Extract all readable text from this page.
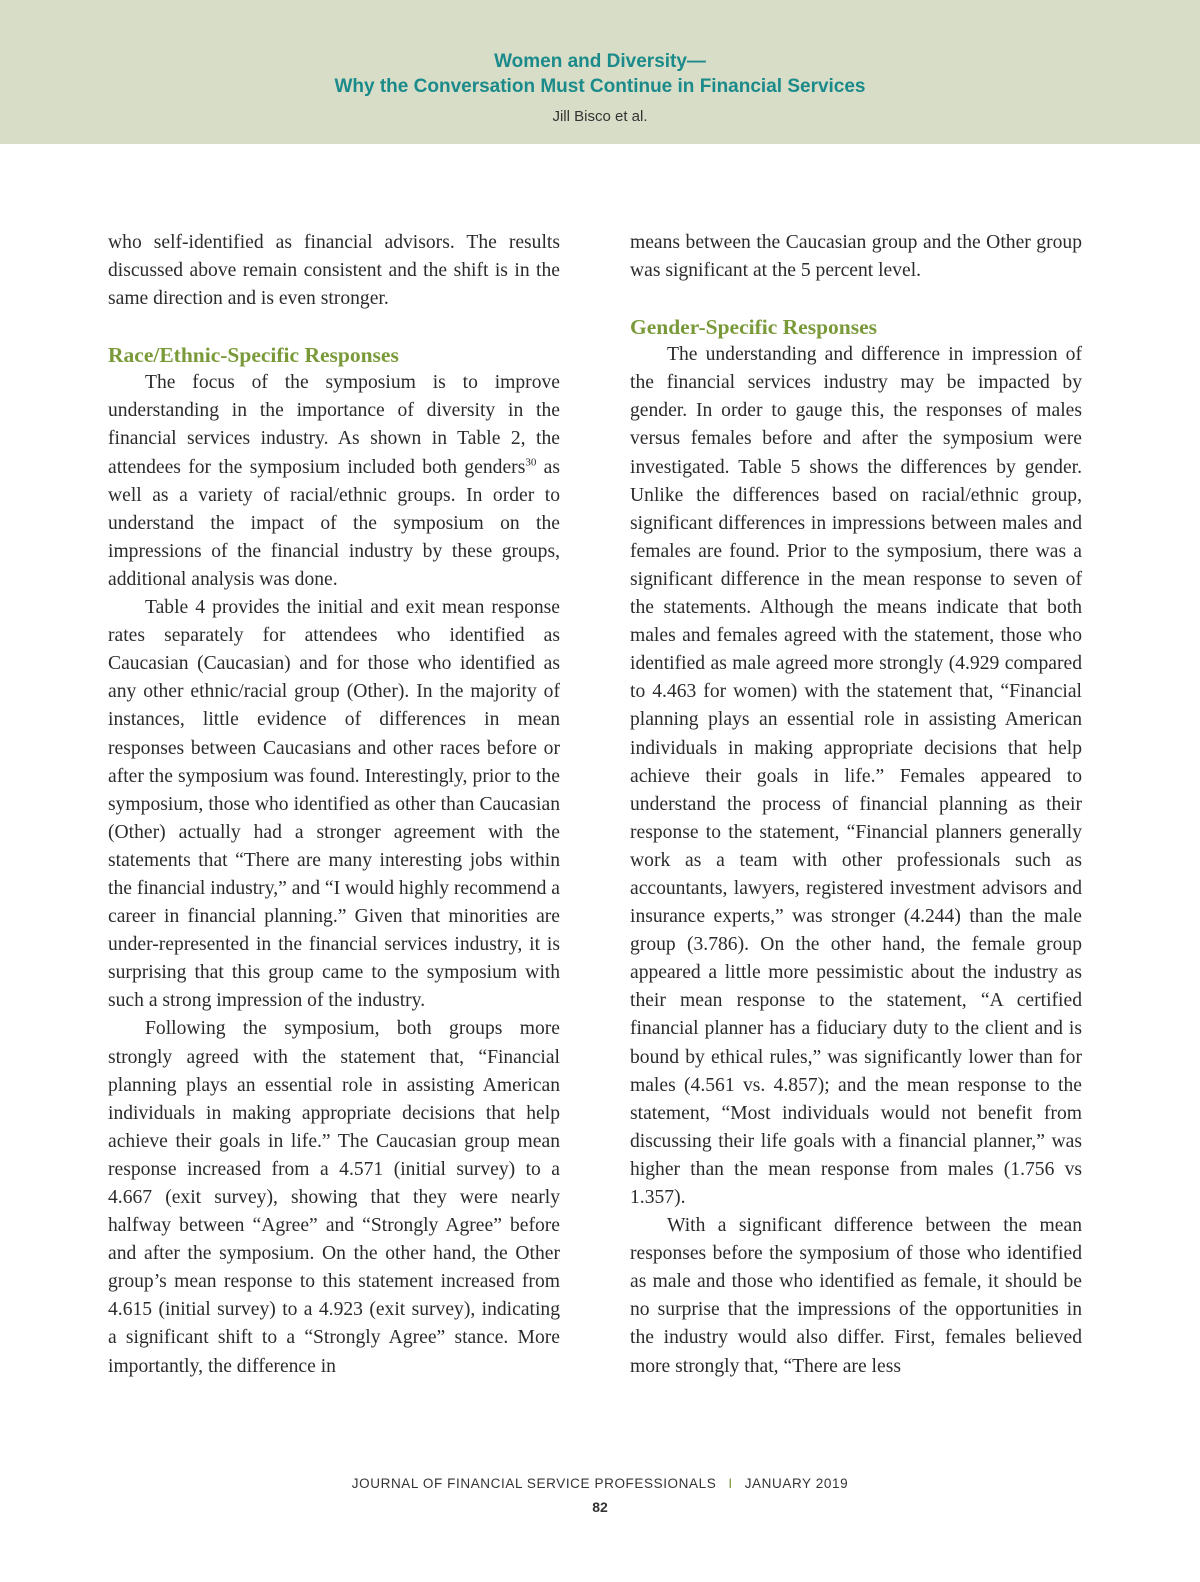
Women and Diversity—
Why the Conversation Must Continue in Financial Services
Jill Bisco et al.

who self-identified as financial advisors. The results discussed above remain consistent and the shift is in the same direction and is even stronger.

Race/Ethnic-Specific Responses

The focus of the symposium is to improve understanding in the importance of diversity in the financial services industry. As shown in Table 2, the attendees for the symposium included both genders$^{30}$ as well as a variety of racial/ethnic groups. In order to understand the impact of the symposium on the impressions of the financial industry by these groups, additional analysis was done.

Table 4 provides the initial and exit mean response rates separately for attendees who identified as Caucasian (Caucasian) and for those who identified as any other ethnic/racial group (Other). In the majority of instances, little evidence of differences in mean responses between Caucasians and other races before or after the symposium was found. Interestingly, prior to the symposium, those who identified as other than Caucasian (Other) actually had a stronger agreement with the statements that “There are many interesting jobs within the financial industry,” and “I would highly recommend a career in financial planning.” Given that minorities are under-represented in the financial services industry, it is surprising that this group came to the symposium with such a strong impression of the industry.

Following the symposium, both groups more strongly agreed with the statement that, “Financial planning plays an essential role in assisting American individuals in making appropriate decisions that help achieve their goals in life.” The Caucasian group mean response increased from a 4.571 (initial survey) to a 4.667 (exit survey), showing that they were nearly halfway between “Agree” and “Strongly Agree” before and after the symposium. On the other hand, the Other group’s mean response to this statement increased from 4.615 (initial survey) to a 4.923 (exit survey), indicating a significant shift to a “Strongly Agree” stance. More importantly, the difference in

means between the Caucasian group and the Other group was significant at the 5 percent level.

Gender-Specific Responses

The understanding and difference in impression of the financial services industry may be impacted by gender. In order to gauge this, the responses of males versus females before and after the symposium were investigated. Table 5 shows the differences by gender. Unlike the differences based on racial/ethnic group, significant differences in impressions between males and females are found. Prior to the symposium, there was a significant difference in the mean response to seven of the statements. Although the means indicate that both males and females agreed with the statement, those who identified as male agreed more strongly (4.929 compared to 4.463 for women) with the statement that, “Financial planning plays an essential role in assisting American individuals in making appropriate decisions that help achieve their goals in life.” Females appeared to understand the process of financial planning as their response to the statement, “Financial planners generally work as a team with other professionals such as accountants, lawyers, registered investment advisors and insurance experts,” was stronger (4.244) than the male group (3.786). On the other hand, the female group appeared a little more pessimistic about the industry as their mean response to the statement, “A certified financial planner has a fiduciary duty to the client and is bound by ethical rules,” was significantly lower than for males (4.561 vs. 4.857); and the mean response to the statement, “Most individuals would not benefit from discussing their life goals with a financial planner,” was higher than the mean response from males (1.756 vs 1.357).

With a significant difference between the mean responses before the symposium of those who identified as male and those who identified as female, it should be no surprise that the impressions of the opportunities in the industry would also differ. First, females believed more strongly that, “There are less

JOURNAL OF FINANCIAL SERVICE PROFESSIONALS I JANUARY 2019
82
